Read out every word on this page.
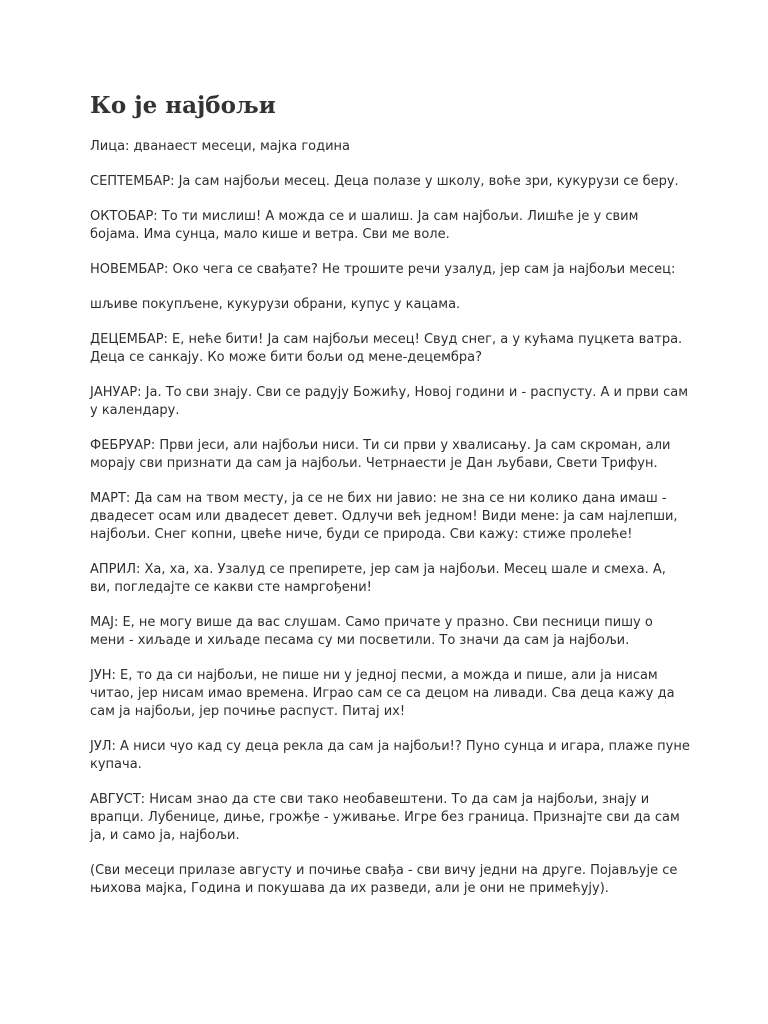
Ко је најбољи

Лица: дванаест месеци, мајка година

СЕПТЕМБАР: Ја сам најбољи месец. Деца полазе у школу, воће зри, кукурузи се беру.

ОКТОБАР: То ти мислиш! А можда се и шалиш. Ја сам најбољи. Лишће је у свим бојама. Има сунца, мало кише и ветра. Сви ме воле.

НОВЕМБАР: Око чега се свађате? Не трошите речи узалуд, јер сам ја најбољи месец:

шљиве покупљене, кукурузи обрани, купус у кацама.

ДЕЦЕМБАР: Е, неће бити! Ја сам најбољи месец! Свуд снег, а у кућама пуцкета ватра. Деца се санкају. Ко може бити бољи од мене-децембра?

ЈАНУАР: Ја. То сви знају. Сви се радују Божићу, Новој години и - распусту. А и први сам у календару.

ФЕБРУАР: Први јеси, али најбољи ниси. Ти си први у хвалисању. Ја сам скроман, али морају сви признати да сам ја најбољи. Четрнаести је Дан љубави, Свети Трифун.

МАРТ: Да сам на твом месту, ја се не бих ни јавио: не зна се ни колико дана имаш - двадесет осам или двадесет девет. Одлучи већ једном! Види мене: ја сам најлепши, најбољи. Снег копни, цвеће ниче, буди се природа. Сви кажу: стиже пролеће!

АПРИЛ: Ха, ха, ха. Узалуд се препирете, јер сам ја најбољи. Месец шале и смеха. А, ви, погледајте се какви сте намргођени!

МАЈ: Е, не могу више да вас слушам. Само причате у празно. Сви песници пишу о мени - хиљаде и хиљаде песама су ми посветили. То значи да сам ја најбољи.

ЈУН: Е, то да си најбољи, не пише ни у једној песми, а можда и пише, али ја нисам читао, јер нисам имао времена. Играо сам се са децом на ливади. Сва деца кажу да сам ја најбољи, јер почиње распуст. Питај их!

ЈУЛ: А ниси чуо кад су деца рекла да сам ја најбољи!? Пуно сунца и игара, плаже пуне купача.

АВГУСТ: Нисам знао да сте сви тако необавештени. То да сам ја најбољи, знају и врапци. Лубенице, диње, грожђе - уживање. Игре без граница. Признајте сви да сам ја, и само ја, најбољи.

(Сви месеци прилазе августу и почиње свађа - сви вичу једни на друге. Појављује се њихова мајка, Година и покушава да их разведи, али је они не примећују).
